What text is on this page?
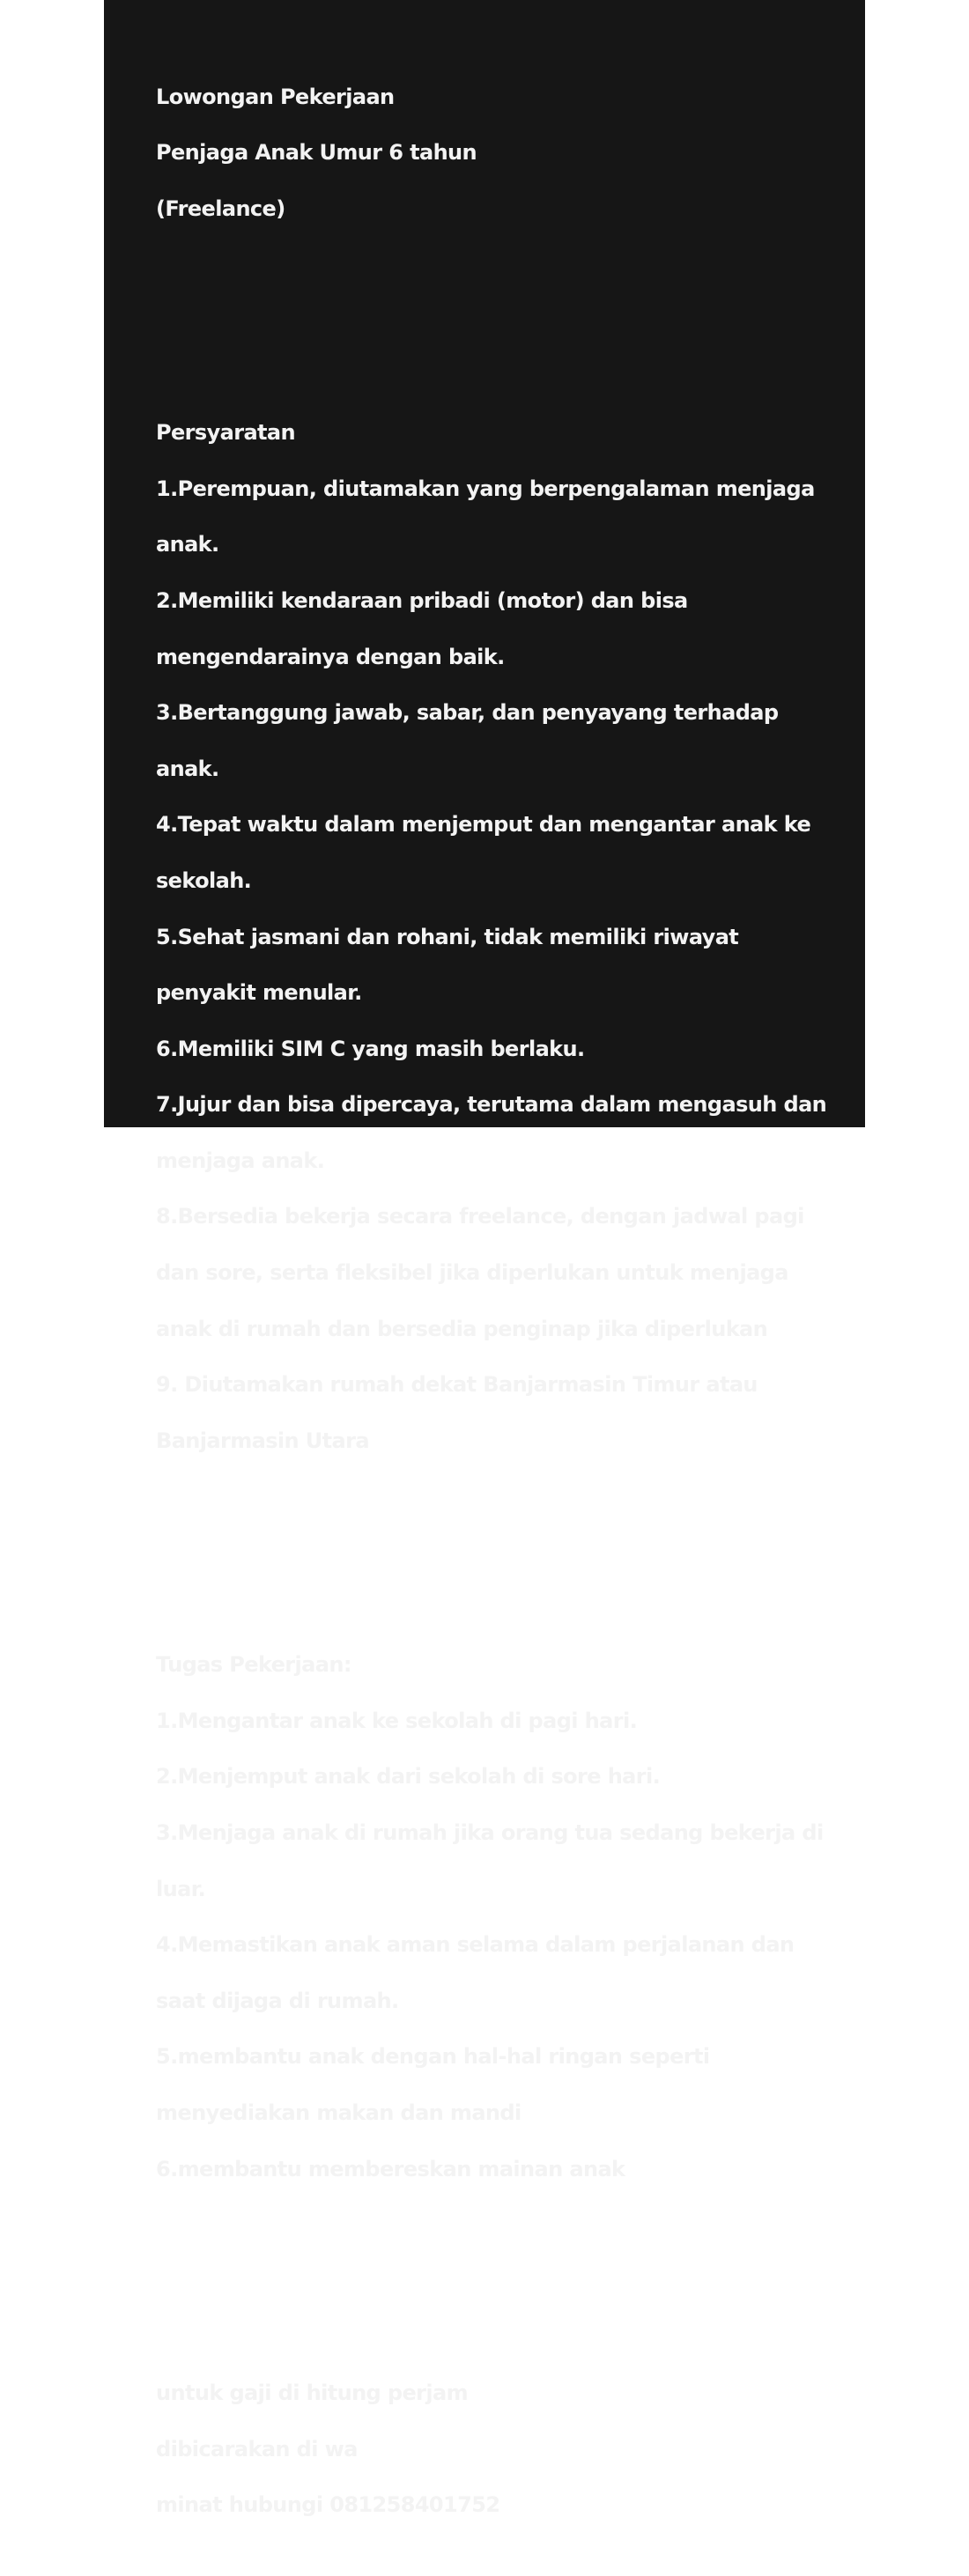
Lowongan Pekerjaan

Penjaga Anak Umur 6 tahun

(Freelance)

Persyaratan

1.Perempuan, diutamakan yang berpengalaman menjaga

anak.

2.Memiliki kendaraan pribadi (motor) dan bisa

mengendarainya dengan baik.

3.Bertanggung jawab, sabar, dan penyayang terhadap

anak.

4.Tepat waktu dalam menjemput dan mengantar anak ke

sekolah.

5.Sehat jasmani dan rohani, tidak memiliki riwayat

penyakit menular.

6.Memiliki SIM C yang masih berlaku.

7.Jujur dan bisa dipercaya, terutama dalam mengasuh dan

menjaga anak.

8.Bersedia bekerja secara freelance, dengan jadwal pagi

dan sore, serta fleksibel jika diperlukan untuk menjaga

anak di rumah dan bersedia penginap jika diperlukan

9. Diutamakan rumah dekat Banjarmasin Timur atau

Banjarmasin Utara

Tugas Pekerjaan:

1.Mengantar anak ke sekolah di pagi hari.

2.Menjemput anak dari sekolah di sore hari.

3.Menjaga anak di rumah jika orang tua sedang bekerja di

luar.

4.Memastikan anak aman selama dalam perjalanan dan

saat dijaga di rumah.

5.membantu anak dengan hal-hal ringan seperti

menyediakan makan dan mandi

6.membantu membereskan mainan anak

untuk gaji di hitung perjam

dibicarakan di wa

minat hubungi 081258401752
